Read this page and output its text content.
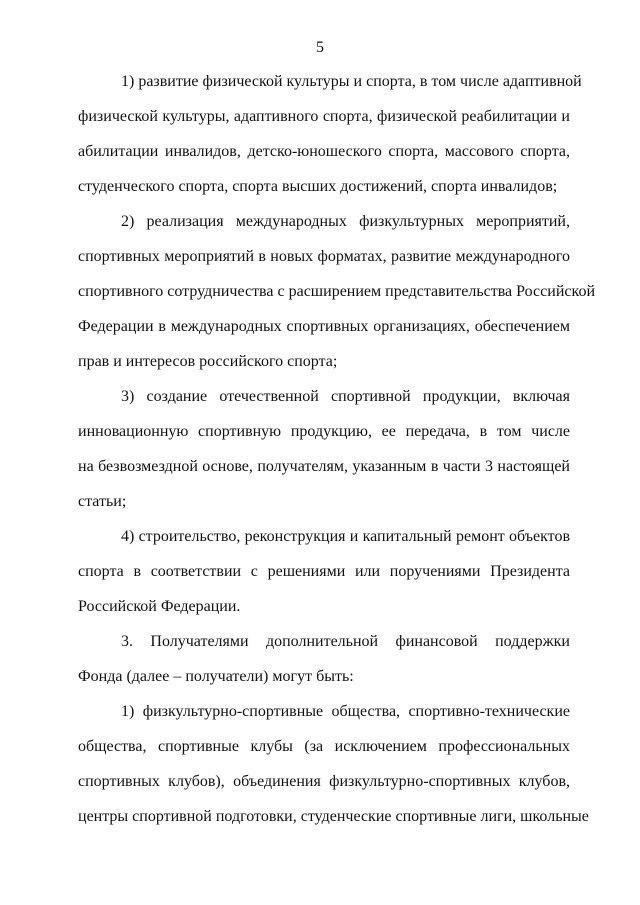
5
1) развитие физической культуры и спорта, в том числе адаптивной
физической культуры, адаптивного спорта, физической реабилитации и
абилитации инвалидов, детско-юношеского спорта, массового спорта,
студенческого спорта, спорта высших достижений, спорта инвалидов;
2) реализация международных физкультурных мероприятий,
спортивных мероприятий в новых форматах, развитие международного
спортивного сотрудничества с расширением представительства Российской
Федерации в международных спортивных организациях, обеспечением
прав и интересов российского спорта;
3) создание отечественной спортивной продукции, включая
инновационную спортивную продукцию, ее передача, в том числе
на безвозмездной основе, получателям, указанным в части 3 настоящей
статьи;
4) строительство, реконструкция и капитальный ремонт объектов
спорта в соответствии с решениями или поручениями Президента
Российской Федерации.
3. Получателями дополнительной финансовой поддержки
Фонда (далее – получатели) могут быть:
1) физкультурно-спортивные общества, спортивно-технические
общества, спортивные клубы (за исключением профессиональных
спортивных клубов), объединения физкультурно-спортивных клубов,
центры спортивной подготовки, студенческие спортивные лиги, школьные
